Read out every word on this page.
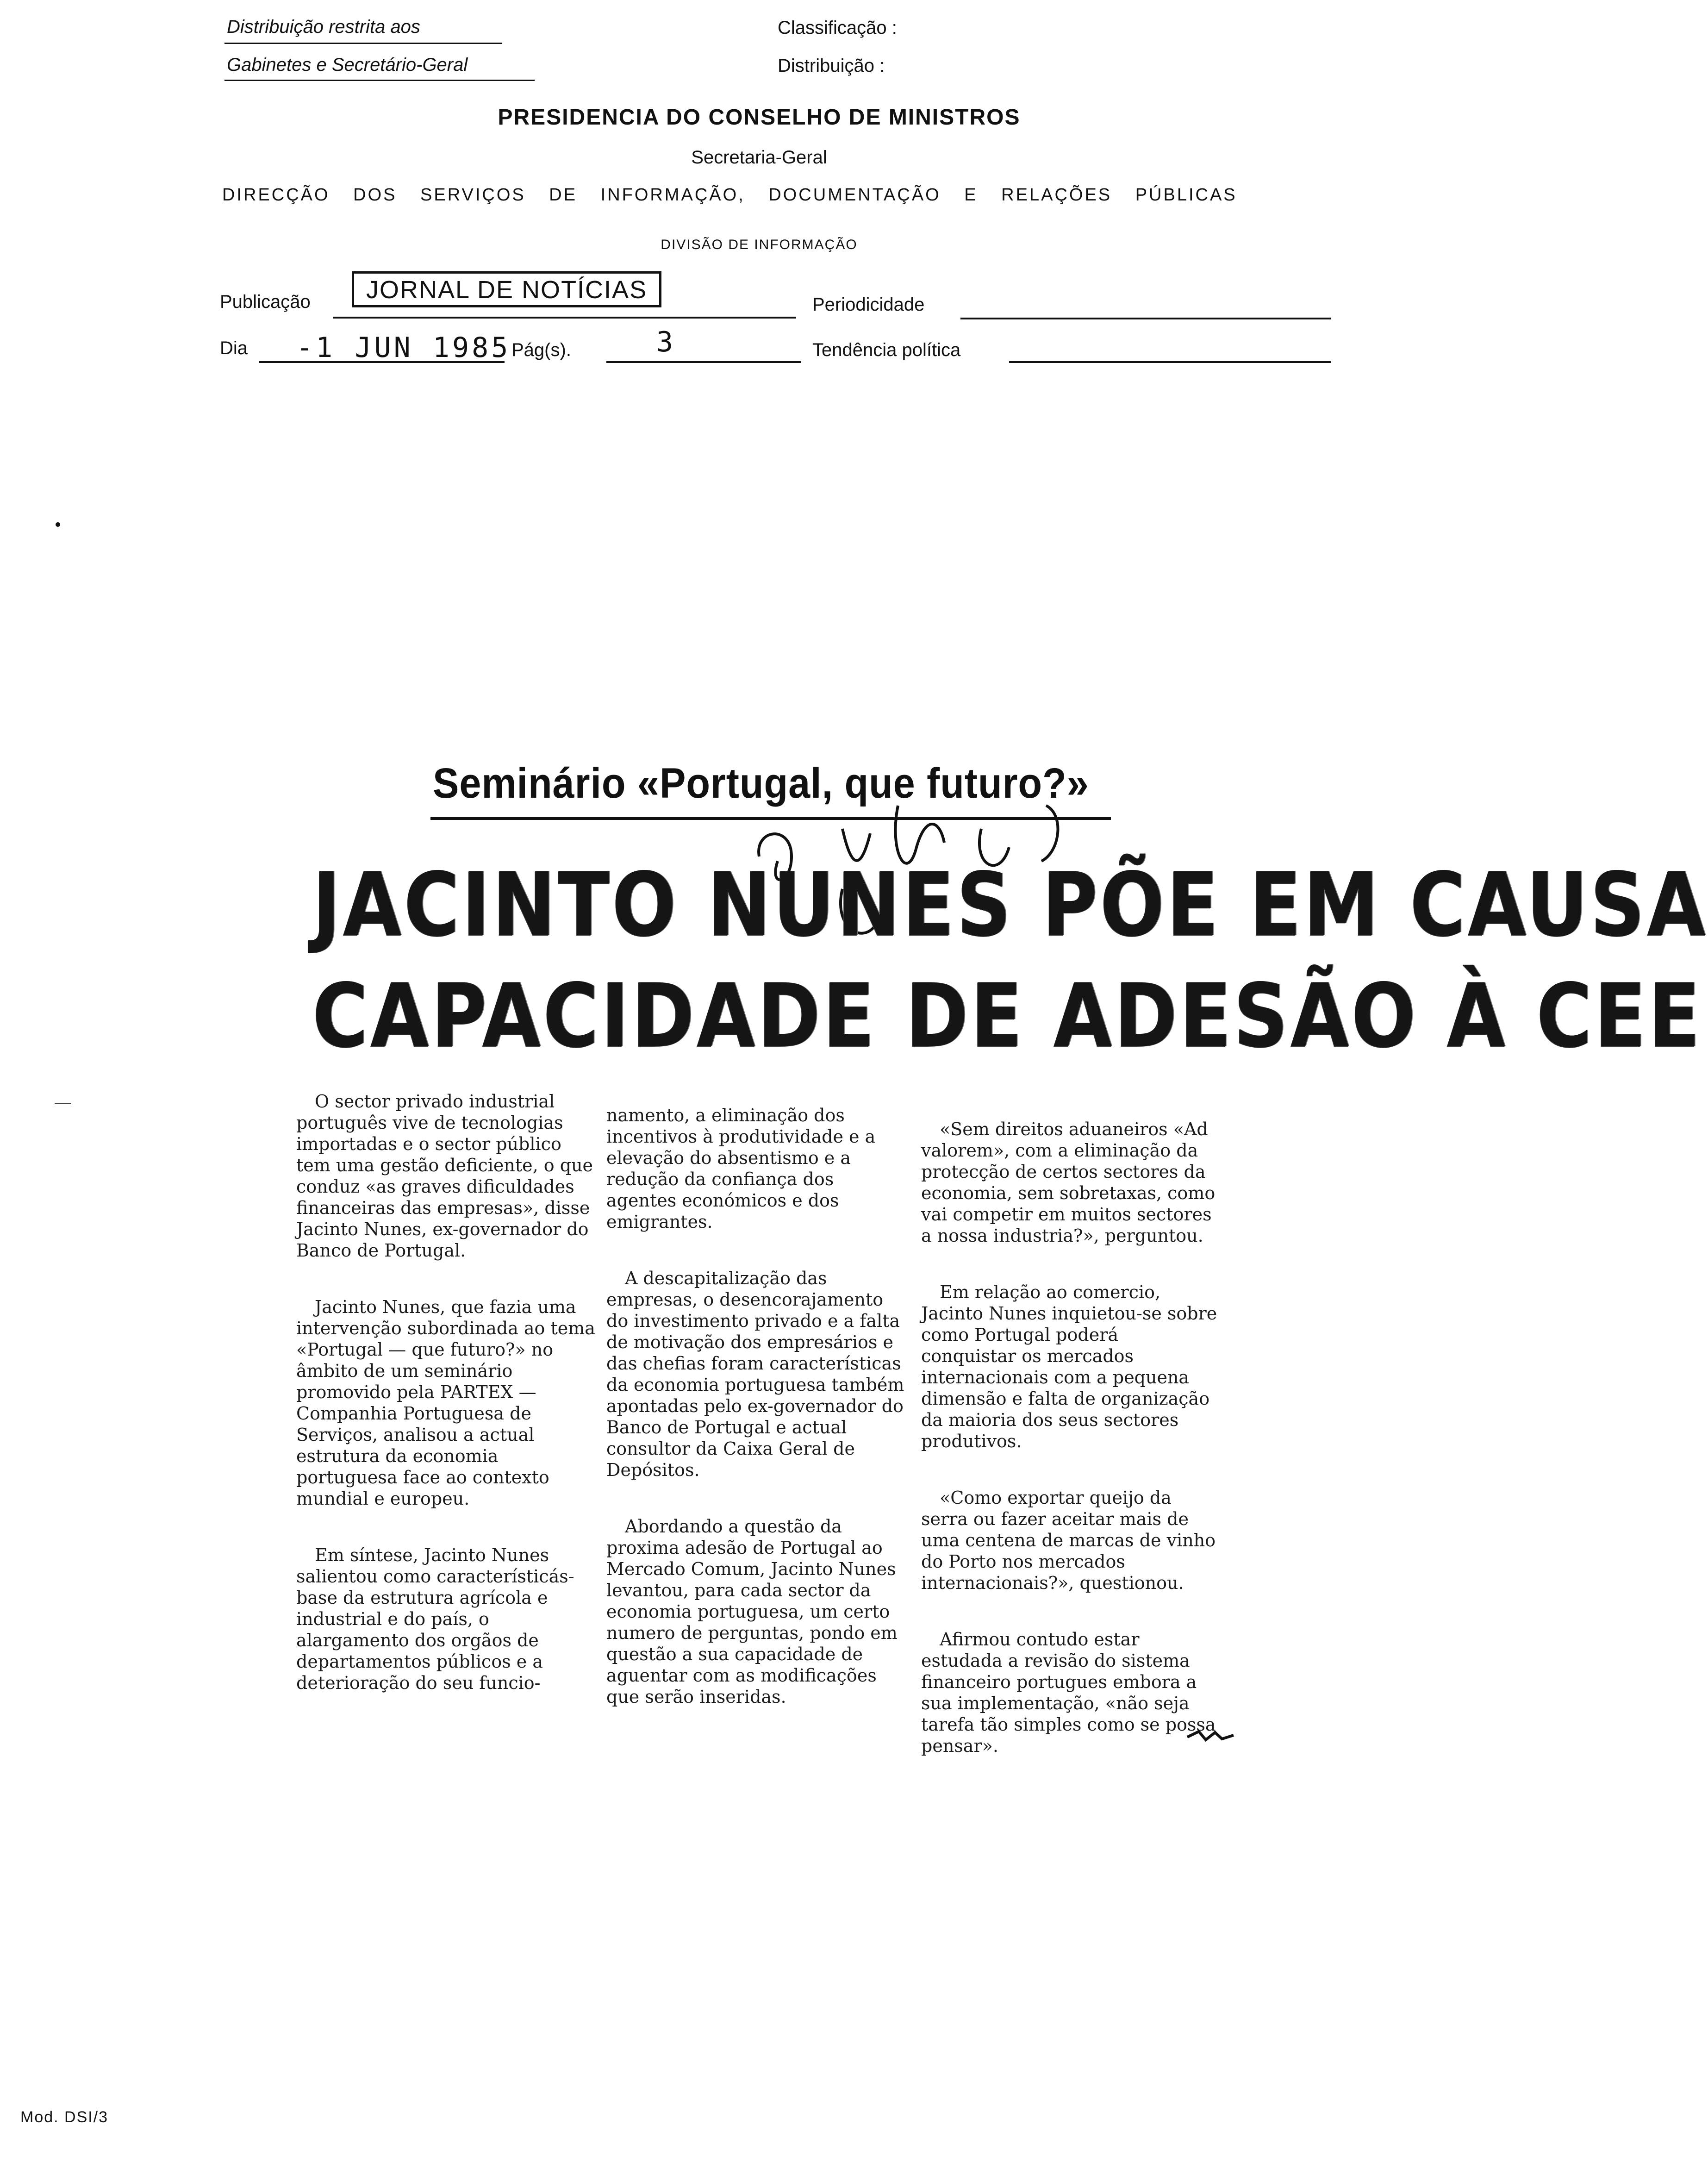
Distribuição restrita aos
Gabinetes e Secretário-Geral
Classificação :
Distribuição :
PRESIDENCIA DO CONSELHO DE MINISTROS
Secretaria-Geral
DIRECÇÃO DOS SERVIÇOS DE INFORMAÇÃO, DOCUMENTAÇÃO E RELAÇÕES PÚBLICAS
DIVISÃO DE INFORMAÇÃO
Publicação	JORNAL DE NOTÍCIAS
Periodicidade
Dia -1 JUN 1985 Pág(s).	3	Tendência política
Seminário «Portugal, que futuro?»
JACINTO NUNES PÕE EM CAUSA
CAPACIDADE DE ADESÃO À CEE

O sector privado industrial português vive de tecnologias importadas e o sector público tem uma gestão deficiente, o que conduz «as graves dificuldades financeiras das empresas», disse Jacinto Nunes, ex-governador do Banco de Portugal.

Jacinto Nunes, que fazia uma intervenção subordinada ao tema «Portugal — que futuro?» no âmbito de um seminário promovido pela PARTEX — Companhia Portuguesa de Serviços, analisou a actual estrutura da economia portuguesa face ao contexto mundial e europeu.

Em síntese, Jacinto Nunes salientou como característicás-base da estrutura agrícola e industrial e do país, o alargamento dos orgãos de departamentos públicos e a deterioração do seu funcio-

namento, a eliminação dos incentivos à produtividade e a elevação do absentismo e a redução da confiança dos agentes económicos e dos emigrantes.

A descapitalização das empresas, o desencorajamento do investimento privado e a falta de motivação dos empresários e das chefias foram características da economia portuguesa também apontadas pelo ex-governador do Banco de Portugal e actual consultor da Caixa Geral de Depósitos.

Abordando a questão da proxima adesão de Portugal ao Mercado Comum, Jacinto Nunes levantou, para cada sector da economia portuguesa, um certo numero de perguntas, pondo em questão a sua capacidade de aguentar com as modificações que serão inseridas.

«Sem direitos aduaneiros «Ad valorem», com a eliminação da protecção de certos sectores da economia, sem sobretaxas, como vai competir em muitos sectores a nossa industria?», perguntou.

Em relação ao comercio, Jacinto Nunes inquietou-se sobre como Portugal poderá conquistar os mercados internacionais com a pequena dimensão e falta de organização da maioria dos seus sectores produtivos.

«Como exportar queijo da serra ou fazer aceitar mais de uma centena de marcas de vinho do Porto nos mercados internacionais?», questionou.

Afirmou contudo estar estudada a revisão do sistema financeiro portugues embora a sua implementação, «não seja tarefa tão simples como se possa pensar».

Mod. DSI/3
